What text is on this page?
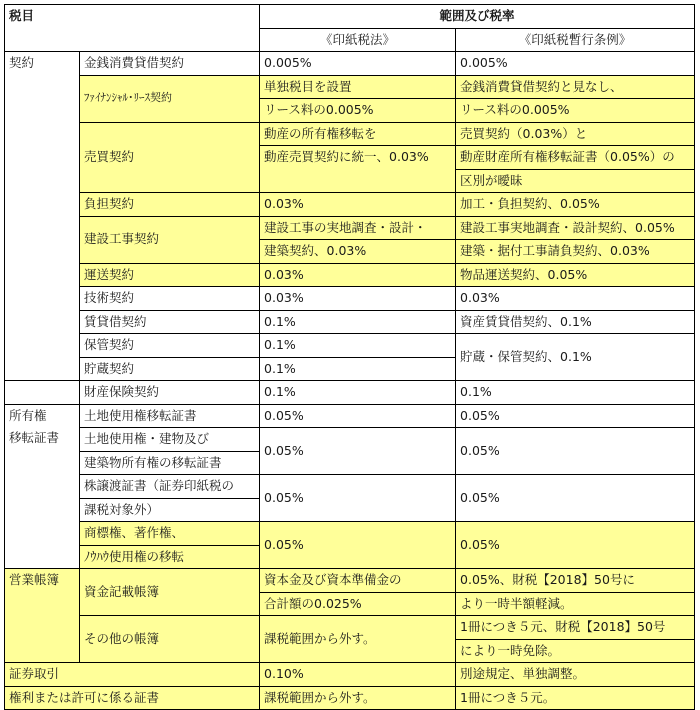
税目		範囲及び税率	
		《印紙税法》	《印紙税暫行条例》
契約	金銭消費貸借契約	0.005%	0.005%
	ﾌｧｲﾅﾝｼｬﾙ･ﾘｰｽ契約	単独税目を設置	金銭消費貸借契約と見なし、
		リース料の0.005%	リース料の0.005%
	売買契約	動産の所有権移転を	売買契約（0.03%）と
		動産売買契約に統一、0.03%	動産財産所有権移転証書（0.05%）の
			区別が曖昧
	負担契約	0.03%	加工・負担契約、0.05%
	建設工事契約	建設工事の実地調査・設計・	建設工事実地調査・設計契約、0.05%
		建築契約、0.03%	建築・据付工事請負契約、0.03%
	運送契約	0.03%	物品運送契約、0.05%
	技術契約	0.03%	0.03%
	賃貸借契約	0.1%	資産賃貸借契約、0.1%
	保管契約	0.1%	貯蔵・保管契約、0.1%
	貯蔵契約	0.1%	
	財産保険契約	0.1%	0.1%

所有権
移転証書	土地使用権移転証書	0.05%	0.05%
	土地使用権・建物及び	0.05%	0.05%
	建築物所有権の移転証書		
	株譲渡証書（証券印紙税の	0.05%	0.05%
	課税対象外）		
	商標権、著作権、	0.05%	0.05%
	ﾉｳﾊｳ使用権の移転		
営業帳簿	資金記載帳簿	資本金及び資本準備金の	0.05%、財税【2018】50号に
		合計額の0.025%	より一時半額軽減。
	その他の帳簿	課税範囲から外す。	1冊につき５元、財税【2018】50号
			により一時免除。
証券取引		0.10%	別途規定、単独調整。
権利または許可に係る証書		課税範囲から外す。	1冊につき５元。
